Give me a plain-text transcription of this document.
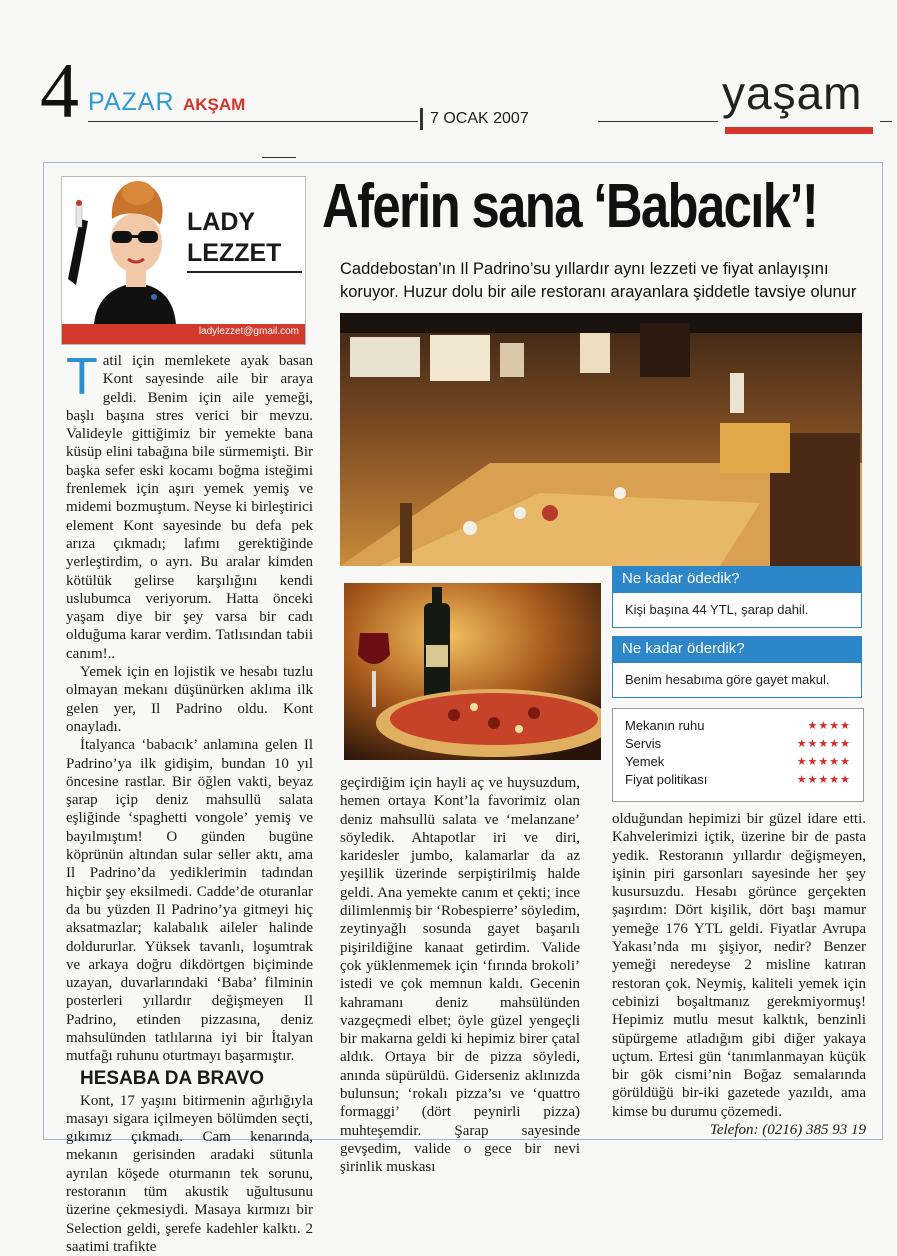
4 PAZAR AKŞAM
7 OCAK 2007	yaşam
ladylezzet@gmail.com
LADY
LEZZET
Aferin sana ‘Babacık’!
Caddebostan’ın Il Padrino’su yıllardır aynı lezzeti ve fiyat anlayışını koruyor. Huzur dolu bir aile restoranı arayanlara şiddetle tavsiye olunur

Tatil için memlekete ayak basan Kont sayesinde aile bir araya geldi. Benim için aile yemeği, başlı başına stres verici bir mevzu. Valideyle gittiğimiz bir yemekte bana küsüp elini tabağına bile sürmemişti. Bir başka sefer eski kocamı boğma isteğimi frenlemek için aşırı yemek yemiş ve midemi bozmuştum. Neyse ki birleştirici element Kont sayesinde bu defa pek arıza çıkmadı; lafımı gerektiğinde yerleştirdim, o ayrı. Bu aralar kimden kötülük gelirse karşılığını kendi uslubumca veriyorum. Hatta önceki yaşam diye bir şey varsa bir cadı olduğuma karar verdim. Tatlısından tabii canım!..

Yemek için en lojistik ve hesabı tuzlu olmayan mekanı düşünürken aklıma ilk gelen yer, Il Padrino oldu. Kont onayladı.

İtalyanca ‘babacık’ anlamına gelen Il Padrino’ya ilk gidişim, bundan 10 yıl öncesine rastlar. Bir öğlen vakti, beyaz şarap içip deniz mahsullü salata eşliğinde ‘spaghetti vongole’ yemiş ve bayılmıştım! O günden bugüne köprünün altından sular seller aktı, ama Il Padrino’da yediklerimin tadından hiçbir şey eksilmedi. Cadde’de oturanlar da bu yüzden Il Padrino’ya gitmeyi hiç aksatmazlar; kalabalık aileler halinde doldururlar. Yüksek tavanlı, loşumtrak ve arkaya doğru dikdörtgen biçiminde uzayan, duvarlarındaki ‘Baba’ filminin posterleri yıllardır değişmeyen Il Padrino, etinden pizzasına, deniz mahsulünden tatlılarına iyi bir İtalyan mutfağı ruhunu oturtmayı başarmıştır.

HESABA DA BRAVO

Kont, 17 yaşını bitirmenin ağırlığıyla masayı sigara içilmeyen bölümden seçti, gıkımız çıkmadı. Cam kenarında, mekanın gerisinden aradaki sütunla ayrılan köşede oturmanın tek sorunu, restoranın tüm akustik uğultusunu üzerine çekmesiydi. Masaya kırmızı bir Selection geldi, şerefe kadehler kalktı. 2 saatimi trafikte

geçirdiğim için hayli aç ve huysuzdum, hemen ortaya Kont’la favorimiz olan deniz mahsullü salata ve ‘melanzane’ söyledik. Ahtapotlar iri ve diri, karidesler jumbo, kalamarlar da az yeşillik üzerinde serpiştirilmiş halde geldi. Ana yemekte canım et çekti; ince dilimlenmiş bir ‘Robespierre’ söyledim, zeytinyağlı sosunda gayet başarılı pişirildiğine kanaat getirdim. Valide çok yüklenmemek için ‘fırında brokoli’ istedi ve çok memnun kaldı. Gecenin kahramanı deniz mahsülünden vazgeçmedi elbet; öyle güzel yengeçli bir makarna geldi ki hepimiz birer çatal aldık. Ortaya bir de pizza söyledi, anında süpürüldü. Giderseniz aklınızda bulunsun; ‘rokalı pizza’sı ve ‘quattro formaggi’ (dört peynirli pizza) muhteşemdir. Şarap sayesinde gevşedim, valide o gece bir nevi şirinlik muskası

olduğundan hepimizi bir güzel idare etti. Kahvelerimizi içtik, üzerine bir de pasta yedik. Restoranın yıllardır değişmeyen, işinin piri garsonları sayesinde her şey kusursuzdu. Hesabı görünce gerçekten şaşırdım: Dört kişilik, dört başı mamur yemeğe 176 YTL geldi. Fiyatlar Avrupa Yakası’nda mı şişiyor, nedir? Benzer yemeği neredeyse 2 misline katıran restoran çok. Neymiş, kaliteli yemek için cebinizi boşaltmanız gerekmiyormuş! Hepimiz mutlu mesut kalktık, benzinli süpürgeme atladığım gibi diğer yakaya uçtum. Ertesi gün ‘tanımlanmayan küçük bir gök cismi’nin Boğaz semalarında görüldüğü bir-iki gazetede yazıldı, ama kimse bu durumu çözemedi.

Telefon: (0216) 385 93 19

Ne kadar ödedik?
Kişi başına 44 YTL, şarap dahil.
Ne kadar öderdik?
Benim hesabıma göre gayet makul.
Mekanın ruhu	★★★★
Servis	★★★★★
Yemek	★★★★★
Fiyat politikası	★★★★★
